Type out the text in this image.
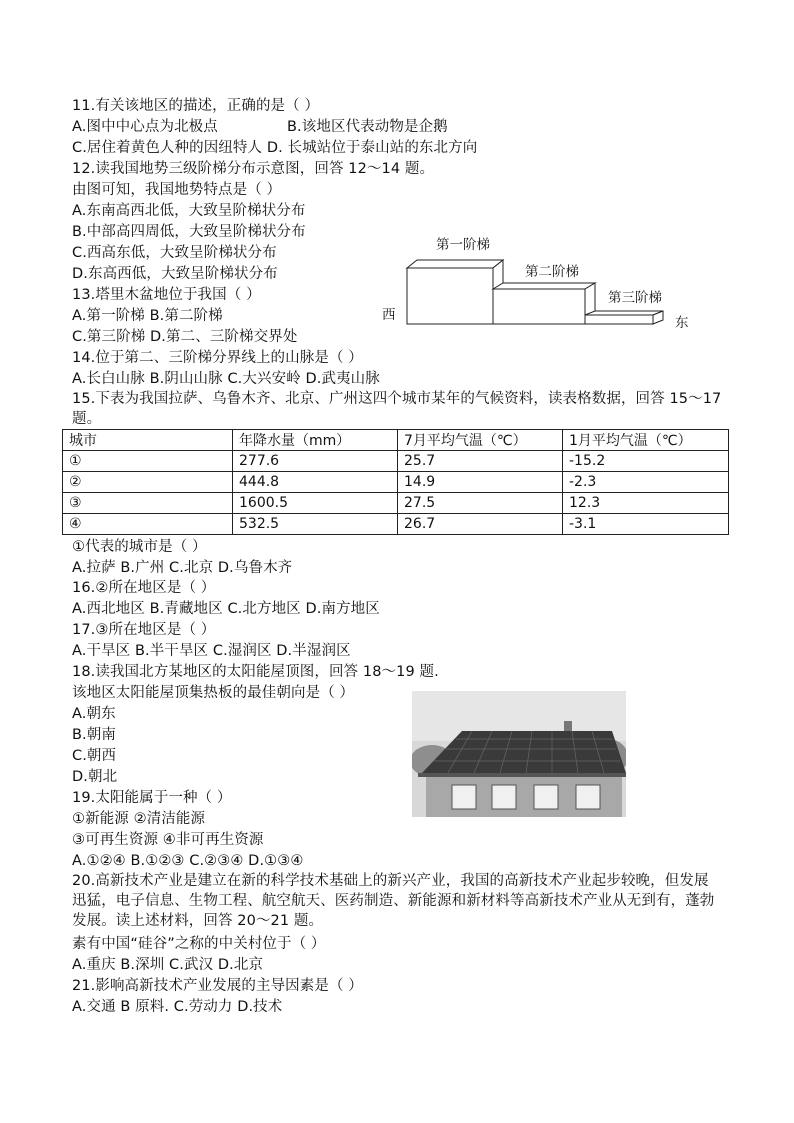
11.有关该地区的描述，正确的是（ ）
A.图中中心点为北极点	B.该地区代表动物是企鹅
C.居住着黄色人种的因纽特人 D. 长城站位于泰山站的东北方向
12.读我国地势三级阶梯分布示意图，回答 12～14 题。
由图可知，我国地势特点是（ ）
A.东南高西北低，大致呈阶梯状分布
B.中部高四周低，大致呈阶梯状分布
C.西高东低，大致呈阶梯状分布
D.东高西低，大致呈阶梯状分布
第一阶梯
第二阶梯
第三阶梯
西	东
13.塔里木盆地位于我国（ ）
A.第一阶梯 B.第二阶梯
C.第三阶梯 D.第二、三阶梯交界处
14.位于第二、三阶梯分界线上的山脉是（ ）
A.长白山脉 B.阴山山脉 C.大兴安岭 D.武夷山脉
15.下表为我国拉萨、乌鲁木齐、北京、广州这四个城市某年的气候资料，读表格数据，回答 15～17 题。
城市	年降水量（mm）	7月平均气温（℃）	1月平均气温（℃）
①	277.6	25.7	-15.2
②	444.8	14.9	-2.3
③	1600.5	27.5	12.3
④	532.5	26.7	-3.1
①代表的城市是（ ）
A.拉萨 B.广州 C.北京 D.乌鲁木齐
16.②所在地区是（ ）
A.西北地区 B.青藏地区 C.北方地区 D.南方地区
17.③所在地区是（ ）
A.干旱区 B.半干旱区 C.湿润区 D.半湿润区
18.读我国北方某地区的太阳能屋顶图，回答 18～19 题.
该地区太阳能屋顶集热板的最佳朝向是（ ）
A.朝东
B.朝南
C.朝西
D.朝北
19.太阳能属于一种（ ）
①新能源 ②清洁能源
③可再生资源 ④非可再生资源
A.①②④ B.①②③ C.②③④ D.①③④
20.高新技术产业是建立在新的科学技术基础上的新兴产业，我国的高新技术产业起步较晚，但发展迅猛，电子信息、生物工程、航空航天、医药制造、新能源和新材料等高新技术产业从无到有，蓬勃发展。读上述材料，回答 20～21 题。
素有中国“硅谷”之称的中关村位于（ ）
A.重庆 B.深圳 C.武汉 D.北京
21.影响高新技术产业发展的主导因素是（ ）
A.交通 B 原料. C.劳动力 D.技术
